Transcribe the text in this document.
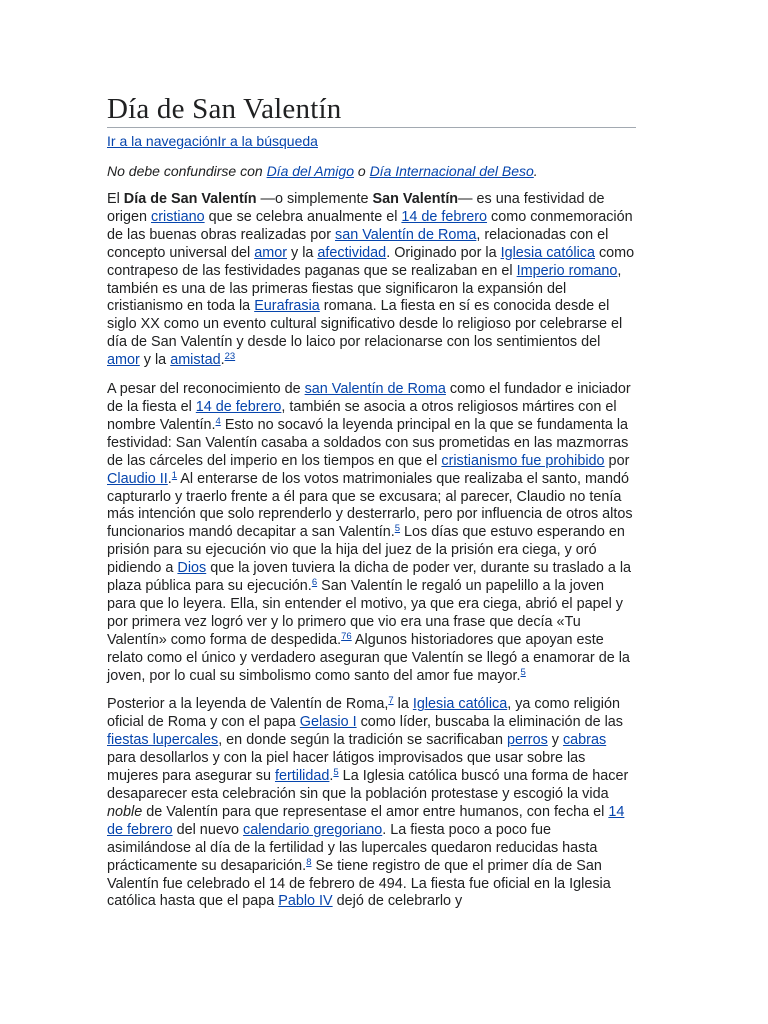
Día de San Valentín
Ir a la navegaciónIr a la búsqueda
No debe confundirse con Día del Amigo o Día Internacional del Beso.

El Día de San Valentín —o simplemente San Valentín— es una festividad de origen cristiano que se celebra anualmente el 14 de febrero como conmemoración de las buenas obras realizadas por san Valentín de Roma, relacionadas con el concepto universal del amor y la afectividad. Originado por la Iglesia católica como contrapeso de las festividades paganas que se realizaban en el Imperio romano, también es una de las primeras fiestas que significaron la expansión del cristianismo en toda la Eurafrasia romana. La fiesta en sí es conocida desde el siglo XX como un evento cultural significativo desde lo religioso por celebrarse el día de San Valentín y desde lo laico por relacionarse con los sentimientos del amor y la amistad.$^{23}$

A pesar del reconocimiento de san Valentín de Roma como el fundador e iniciador de la fiesta el 14 de febrero, también se asocia a otros religiosos mártires con el nombre Valentín.$^4$ Esto no socavó la leyenda principal en la que se fundamenta la festividad: San Valentín casaba a soldados con sus prometidas en las mazmorras de las cárceles del imperio en los tiempos en que el cristianismo fue prohibido por Claudio II.$^1$ Al enterarse de los votos matrimoniales que realizaba el santo, mandó capturarlo y traerlo frente a él para que se excusara; al parecer, Claudio no tenía más intención que solo reprenderlo y desterrarlo, pero por influencia de otros altos funcionarios mandó decapitar a san Valentín.$^5$ Los días que estuvo esperando en prisión para su ejecución vio que la hija del juez de la prisión era ciega, y oró pidiendo a Dios que la joven tuviera la dicha de poder ver, durante su traslado a la plaza pública para su ejecución.$^6$ San Valentín le regaló un papelillo a la joven para que lo leyera. Ella, sin entender el motivo, ya que era ciega, abrió el papel y por primera vez logró ver y lo primero que vio era una frase que decía «Tu Valentín» como forma de despedida.$^{76}$ Algunos historiadores que apoyan este relato como el único y verdadero aseguran que Valentín se llegó a enamorar de la joven, por lo cual su simbolismo como santo del amor fue mayor.$^5$

Posterior a la leyenda de Valentín de Roma,$^7$ la Iglesia católica, ya como religión oficial de Roma y con el papa Gelasio I como líder, buscaba la eliminación de las fiestas lupercales, en donde según la tradición se sacrificaban perros y cabras para desollarlos y con la piel hacer látigos improvisados que usar sobre las mujeres para asegurar su fertilidad.$^5$ La Iglesia católica buscó una forma de hacer desaparecer esta celebración sin que la población protestase y escogió la vida noble de Valentín para que representase el amor entre humanos, con fecha el 14 de febrero del nuevo calendario gregoriano. La fiesta poco a poco fue asimilándose al día de la fertilidad y las lupercales quedaron reducidas hasta prácticamente su desaparición.$^8$ Se tiene registro de que el primer día de San Valentín fue celebrado el 14 de febrero de 494. La fiesta fue oficial en la Iglesia católica hasta que el papa Pablo IV dejó de celebrarlo y
